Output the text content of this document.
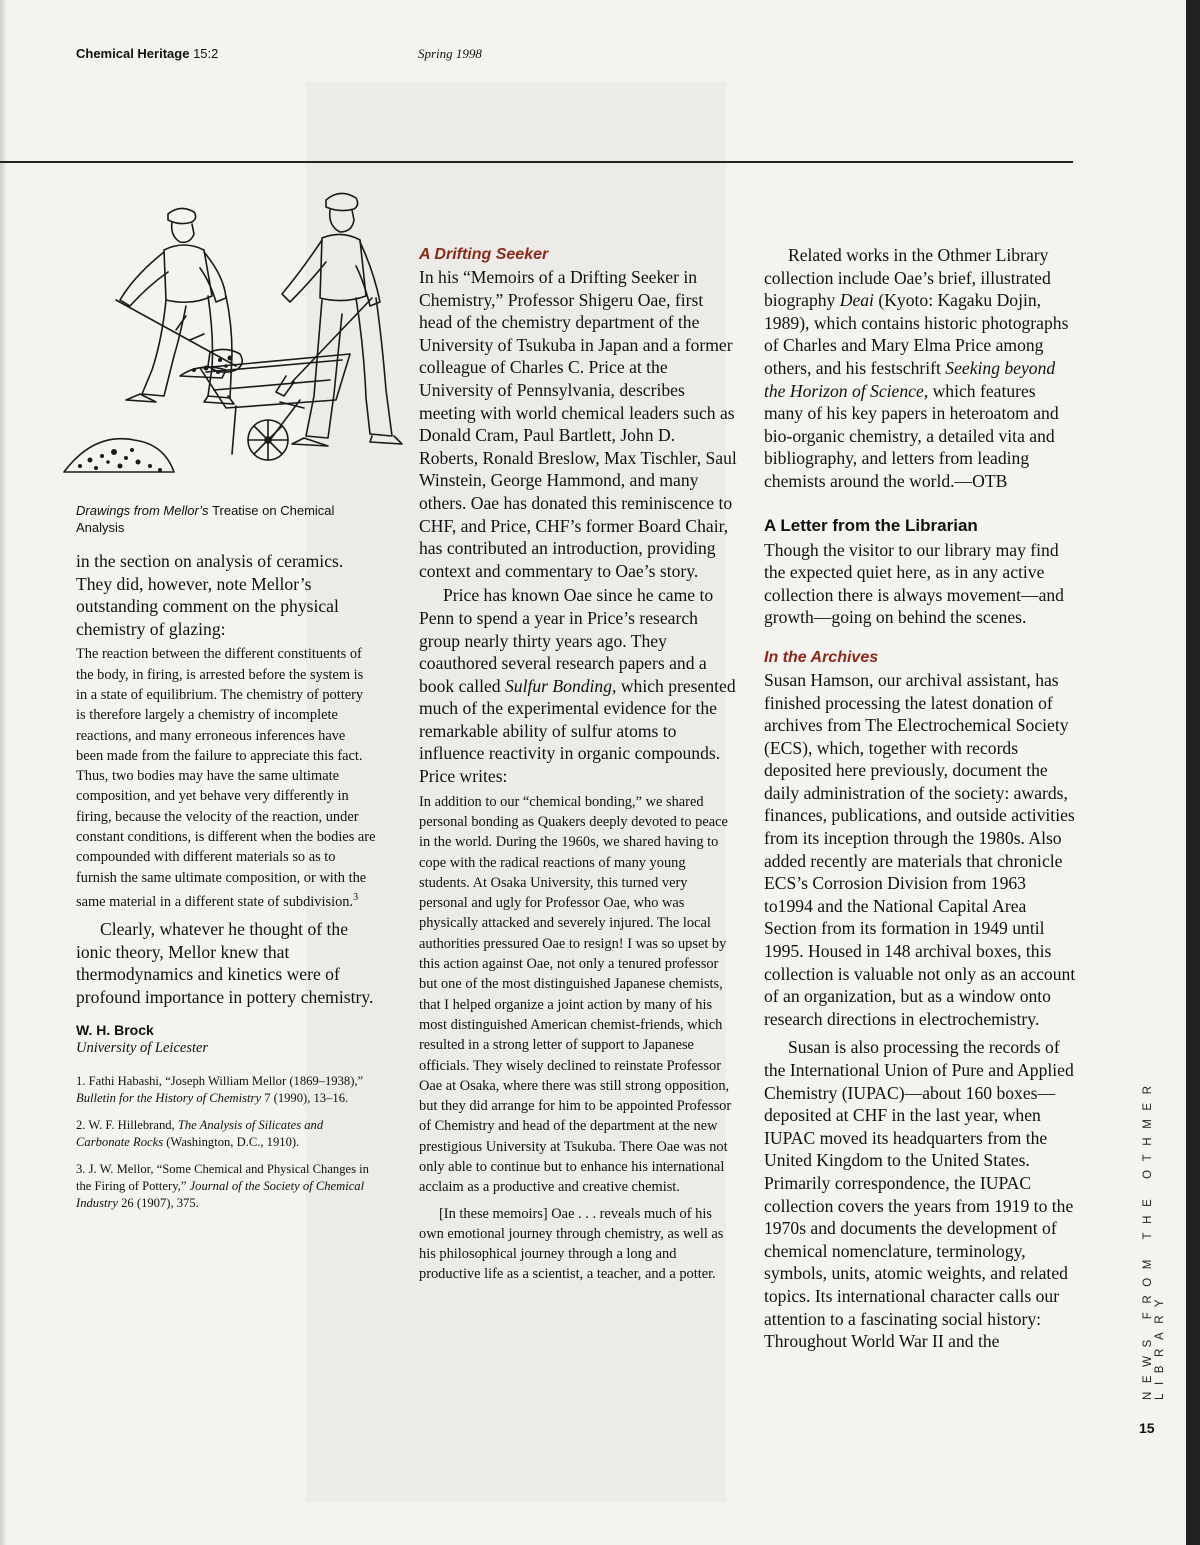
Chemical Heritage 15:2	Spring 1998
Drawings from Mellor’s Treatise on Chemical Analysis

in the section on analysis of ceramics. They did, however, note Mellor’s outstanding comment on the physical chemistry of glazing:

The reaction between the different constituents of the body, in firing, is arrested before the system is in a state of equilibrium. The chemistry of pottery is therefore largely a chemistry of incomplete reactions, and many erroneous inferences have been made from the failure to appreciate this fact. Thus, two bodies may have the same ultimate composition, and yet behave very differently in firing, because the velocity of the reaction, under constant conditions, is different when the bodies are compounded with different materials so as to furnish the same ultimate composition, or with the same material in a different state of subdivision.$^3$

Clearly, whatever he thought of the ionic theory, Mellor knew that thermodynamics and kinetics were of profound importance in pottery chemistry.

W. H. Brock

University of Leicester

1. Fathi Habashi, “Joseph William Mellor (1869–1938),” Bulletin for the History of Chemistry 7 (1990), 13–16.

2. W. F. Hillebrand, The Analysis of Silicates and Carbonate Rocks (Washington, D.C., 1910).

3. J. W. Mellor, “Some Chemical and Physical Changes in the Firing of Pottery,” Journal of the Society of Chemical Industry 26 (1907), 375.

A Drifting Seeker

In his “Memoirs of a Drifting Seeker in Chemistry,” Professor Shigeru Oae, first head of the chemistry department of the University of Tsukuba in Japan and a former colleague of Charles C. Price at the University of Pennsylvania, describes meeting with world chemical leaders such as Donald Cram, Paul Bartlett, John D. Roberts, Ronald Breslow, Max Tischler, Saul Winstein, George Hammond, and many others. Oae has donated this reminiscence to CHF, and Price, CHF’s former Board Chair, has contributed an introduction, providing context and commentary to Oae’s story.

Price has known Oae since he came to Penn to spend a year in Price’s research group nearly thirty years ago. They coauthored several research papers and a book called Sulfur Bonding, which presented much of the experimental evidence for the remarkable ability of sulfur atoms to influence reactivity in organic compounds. Price writes:

In addition to our “chemical bonding,” we shared personal bonding as Quakers deeply devoted to peace in the world. During the 1960s, we shared having to cope with the radical reactions of many young students. At Osaka University, this turned very personal and ugly for Professor Oae, who was physically attacked and severely injured. The local authorities pressured Oae to resign! I was so upset by this action against Oae, not only a tenured professor but one of the most distinguished Japanese chemists, that I helped organize a joint action by many of his most distinguished American chemist-friends, which resulted in a strong letter of support to Japanese officials. They wisely declined to reinstate Professor Oae at Osaka, where there was still strong opposition, but they did arrange for him to be appointed Professor of Chemistry and head of the department at the new prestigious University at Tsukuba. There Oae was not only able to continue but to enhance his international acclaim as a productive and creative chemist.

[In these memoirs] Oae . . . reveals much of his own emotional journey through chemistry, as well as his philosophical journey through a long and productive life as a scientist, a teacher, and a potter.

Related works in the Othmer Library collection include Oae’s brief, illustrated biography Deai (Kyoto: Kagaku Dojin, 1989), which contains historic photographs of Charles and Mary Elma Price among others, and his festschrift Seeking beyond the Horizon of Science, which features many of his key papers in heteroatom and bio-organic chemistry, a detailed vita and bibliography, and letters from leading chemists around the world.—OTB

A Letter from the Librarian

Though the visitor to our library may find the expected quiet here, as in any active collection there is always movement—and growth—going on behind the scenes.

In the Archives

Susan Hamson, our archival assistant, has finished processing the latest donation of archives from The Electrochemical Society (ECS), which, together with records deposited here previously, document the daily administration of the society: awards, finances, publications, and outside activities from its inception through the 1980s. Also added recently are materials that chronicle ECS’s Corrosion Division from 1963 to1994 and the National Capital Area Section from its formation in 1949 until 1995. Housed in 148 archival boxes, this collection is valuable not only as an account of an organization, but as a window onto research directions in electrochemistry.

Susan is also processing the records of the International Union of Pure and Applied Chemistry (IUPAC)—about 160 boxes—deposited at CHF in the last year, when IUPAC moved its headquarters from the United Kingdom to the United States. Primarily correspondence, the IUPAC collection covers the years from 1919 to the 1970s and documents the development of chemical nomenclature, terminology, symbols, units, atomic weights, and related topics. Its international character calls our attention to a fascinating social history: Throughout World War II and the	NEWS FROM THE OTHMER LIBRARY
15
